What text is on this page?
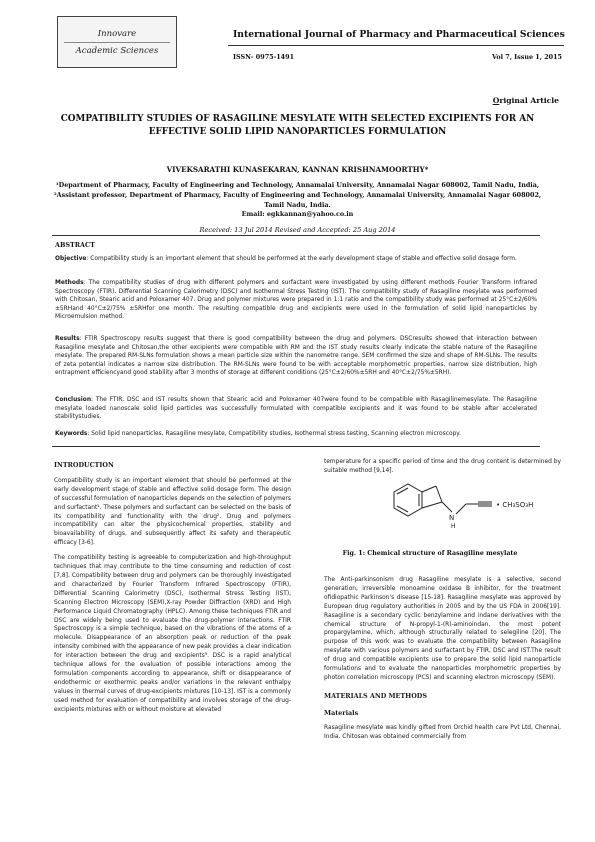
Innovare
Academic Sciences
International Journal of Pharmacy and Pharmaceutical Sciences
ISSN- 0975-1491	Vol 7, Issue 1, 2015
Original Article
COMPATIBILITY STUDIES OF RASAGILINE MESYLATE WITH SELECTED EXCIPIENTS FOR AN
EFFECTIVE SOLID LIPID NANOPARTICLES FORMULATION
VIVEKSARATHI KUNASEKARAN, KANNAN KRISHNAMOORTHY*
¹Department of Pharmacy, Faculty of Engineering and Technology, Annamalai University, Annamalai Nagar 608002, Tamil Nadu, India,
²Assistant professor, Department of Pharmacy, Faculty of Engineering and Technology, Annamalai University, Annamalai Nagar 608002,
Tamil Nadu, India.
Email: egkkannan@yahoo.co.in
Received: 13 Jul 2014 Revised and Accepted: 25 Aug 2014
ABSTRACT
Objective: Compatibility study is an important element that should be performed at the early development stage of stable and effective solid dosage form.
Methods: The compatibility studies of drug with different polymers and surfactant were investigated by using different methods Fourier Transform Infrared Spectroscopy (FTIR), Differential Scanning Calorimetry (DSC) and Isothermal Stress Testing (IST). The compatibility study of Rasagiline mesylate was performed with Chitosan, Stearic acid and Poloxamer 407. Drug and polymer mixtures were prepared in 1:1 ratio and the compatibility study was performed at 25°C±2/60%±5RHand 40°C±2/75% ±5RHfor one month. The resulting compatible drug and excipients were used in the formulation of solid lipid nanoparticles by Microemulsion method.
Results: FTIR Spectroscopy results suggest that there is good compatibility between the drug and polymers. DSCresults showed that interaction between Rasagiline mesylate and Chitosan,the other excipients were compatible with RM and the IST study results clearly indicate the stable nature of the Rasagiline mesylate. The prepared RM-SLNs formulation shows a mean particle size within the nanometre range. SEM confirmed the size and shape of RM-SLNs. The results of zeta potential indicates a narrow size distribution. The RM-SLNs were found to be with acceptable morphometric properties, narrow size distribution, high entrapment efficiencyand good stability after 3 months of storage at different conditions (25°C±2/60%±5RH and 40°C±2/75%±5RH).
Conclusion: The FTIR, DSC and IST results shown that Stearic acid and Poloxamer 407were found to be compatible with Rasagilinemesylate. The Rasagiline mesylate loaded nanoscale solid lipid particles was successfully formulated with compatible excipients and it was found to be stable after accelerated stabilitystudies.
Keywords: Solid lipid nanoparticles, Rasagiline mesylate, Compatibility studies, Isothermal stress testing, Scanning electron microscopy.

INTRODUCTION

Compatibility study is an important element that should be performed at the early development stage of stable and effective solid dosage form. The design of successful formulation of nanoparticles depends on the selection of polymers and surfactant¹. These polymers and surfactant can be selected on the basis of its compatibility and functionality with the drug². Drug and polymers incompatibility can alter the physicochemical properties, stability and bioavailability of drugs, and subsequently affect its safety and therapeutic efficacy [3-6].

The compatibility testing is agreeable to computerization and high-throughput techniques that may contribute to the time consuming and reduction of cost [7,8]. Compatibility between drug and polymers can be thoroughly investigated and characterized by Fourier Transform Infrared Spectroscopy (FTIR), Differential Scanning Calorimetry (DSC), Isothermal Stress Testing (IST), Scanning Electron Microscopy (SEM),X-ray Powder Diffraction (XRD) and High Performance Liquid Chromatography (HPLC). Among these techniques FTIR and DSC are widely being used to evaluate the drug-polymer interactions. FTIR Spectroscopy is a simple technique, based on the vibrations of the atoms of a molecule. Disappearance of an absorption peak or reduction of the peak intensity combined with the appearance of new peak provides a clear indication for interaction between the drug and excipients⁹. DSC is a rapid analytical technique allows for the evaluation of possible interactions among the formulation components according to appearance, shift or disappearance of endothermic or exothermic peaks and/or variations in the relevant enthalpy values in thermal curves of drug-excipients mixtures [10-13]. IST is a commonly used method for evaluation of compatibility and involves storage of the drug-excipients mixtures with or without moisture at elevated

temperature for a specific period of time and the drug content is determined by suitable method [9,14].

N
H
• CH₃SO₃H
Fig. 1: Chemical structure of Rasagiline mesylate

The Anti-parkinsonism drug Rasagiline mesylate is a selective, second generation, irreversible monoamine oxidase B inhibitor, for the treatment ofidiopathic Parkinson's disease [15-18]. Rasagiline mesylate was approved by European drug regulatory authorities in 2005 and by the US FDA in 2006[19]. Rasagiline is a secondary cyclic benzylamine and indane derivatives with the chemical structure of N-propyl-1-(R)-aminoindan, the most potent propargylamine, which, although structurally related to selegiline [20]. The purpose of this work was to evaluate the compatibility between Rasagiline mesylate with various polymers and surfactant by FTIR, DSC and IST.The result of drug and compatible excipients use to prepare the solid lipid nanoparticle formulations and to evaluate the nanoparticles morphometric properties by photon correlation microscopy (PCS) and scanning electron microscopy (SEM).

MATERIALS AND METHODS

Materials

Rasagiline mesylate was kindly gifted from Orchid health care Pvt Ltd, Chennai, India. Chitosan was obtained commercially from
